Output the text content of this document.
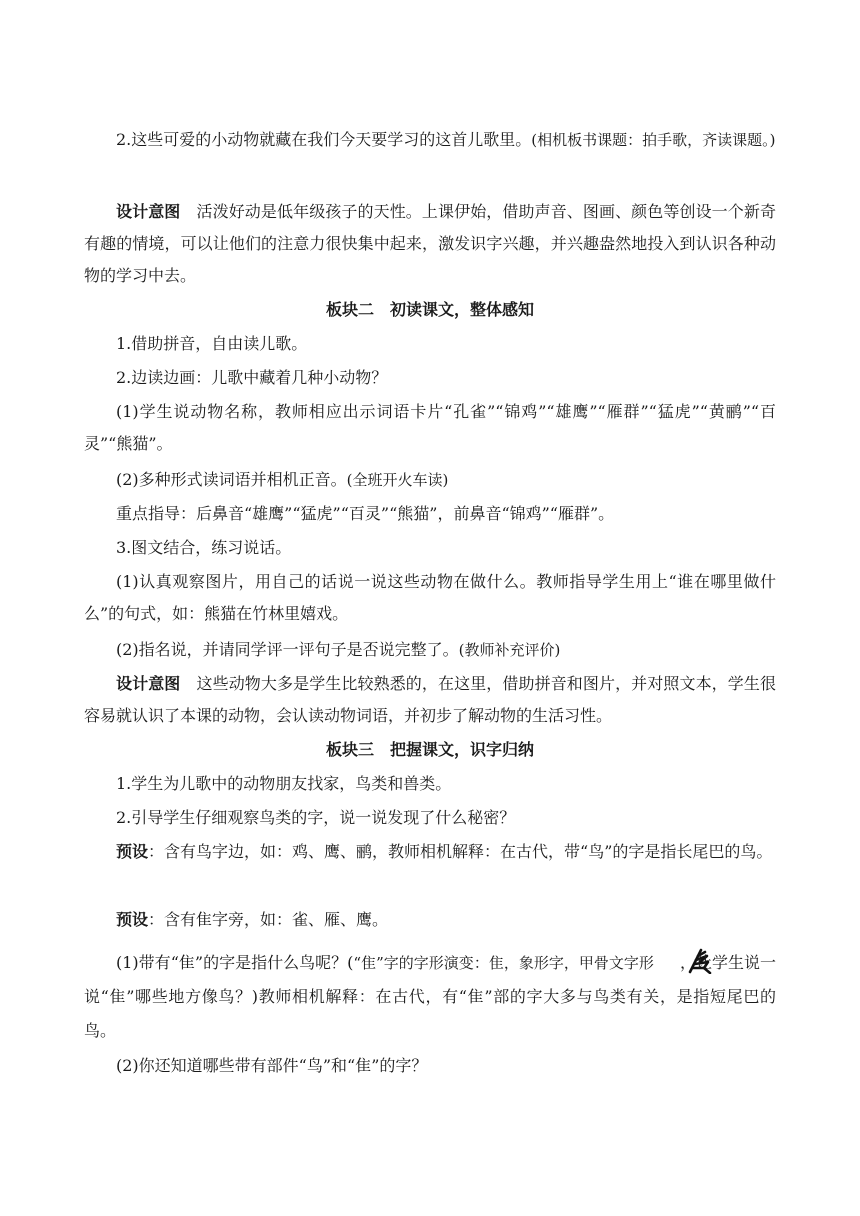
2.这些可爱的小动物就藏在我们今天要学习的这首儿歌里。(相机板书课题：拍手歌，齐读课题。)

设计意图　活泼好动是低年级孩子的天性。上课伊始，借助声音、图画、颜色等创设一个新奇有趣的情境，可以让他们的注意力很快集中起来，激发识字兴趣，并兴趣盎然地投入到认识各种动物的学习中去。

板块二　初读课文，整体感知

1.借助拼音，自由读儿歌。

2.边读边画：儿歌中藏着几种小动物？

(1)学生说动物名称，教师相应出示词语卡片“孔雀”“锦鸡”“雄鹰”“雁群”“猛虎”“黄鹂”“百灵”“熊猫”。

(2)多种形式读词语并相机正音。(全班开火车读)

重点指导：后鼻音“雄鹰”“猛虎”“百灵”“熊猫”，前鼻音“锦鸡”“雁群”。

3.图文结合，练习说话。

(1)认真观察图片，用自己的话说一说这些动物在做什么。教师指导学生用上“谁在哪里做什么”的句式，如：熊猫在竹林里嬉戏。

(2)指名说，并请同学评一评句子是否说完整了。(教师补充评价)

设计意图　这些动物大多是学生比较熟悉的，在这里，借助拼音和图片，并对照文本，学生很容易就认识了本课的动物，会认读动物词语，并初步了解动物的生活习性。

板块三　把握课文，识字归纳

1.学生为儿歌中的动物朋友找家，鸟类和兽类。

2.引导学生仔细观察鸟类的字，说一说发现了什么秘密？

预设：含有鸟字边，如：鸡、鹰、鹂，教师相机解释：在古代，带“鸟”的字是指长尾巴的鸟。

预设：含有隹字旁，如：雀、雁、鹰。

(1)带有“隹”的字是指什么鸟呢？(“隹”字的字形演变：隹，象形字，甲骨文字形 ，让学生说一说“隹”哪些地方像鸟？)教师相机解释：在古代，有“隹”部的字大多与鸟类有关，是指短尾巴的鸟。

(2)你还知道哪些带有部件“鸟”和“隹”的字？
